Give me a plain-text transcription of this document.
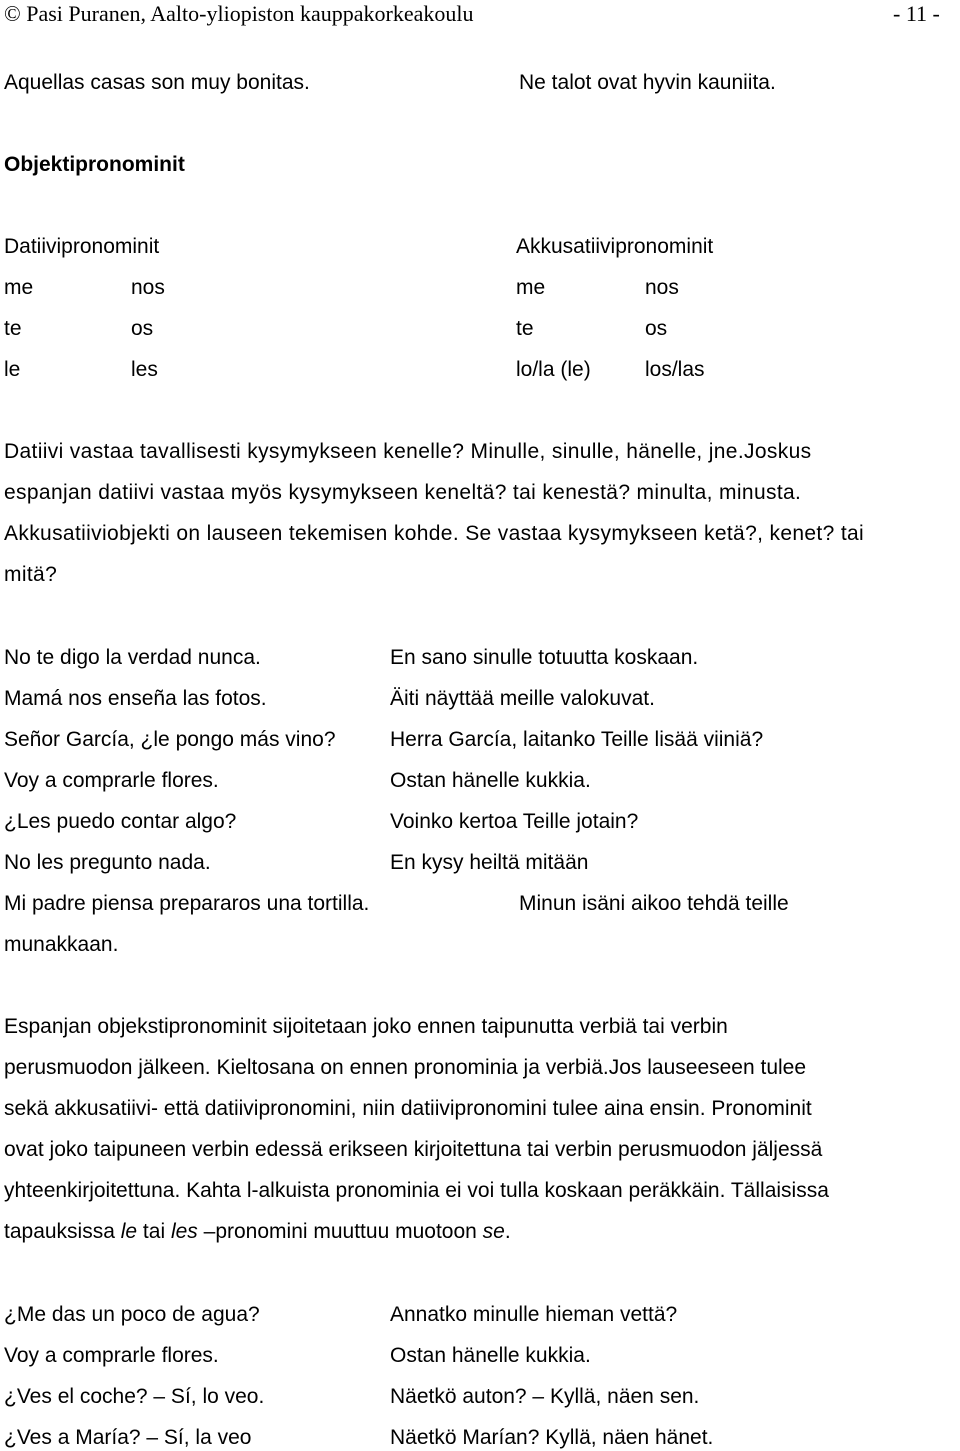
© Pasi Puranen, Aalto-yliopiston kauppakorkeakoulu	- 11 -
Aquellas casas son muy bonitas.	Ne talot ovat hyvin kauniita.
Objektipronominit
Datiivipronominit	Akkusatiivipronominit
me	nos	me	nos
te	os	te	os
le	les	lo/la (le)	los/las
Datiivi vastaa tavallisesti kysymykseen kenelle? Minulle, sinulle, hänelle, jne.Joskus
espanjan datiivi vastaa myös kysymykseen keneltä? tai kenestä? minulta, minusta.
Akkusatiiviobjekti on lauseen tekemisen kohde. Se vastaa kysymykseen ketä?, kenet? tai
mitä?
No te digo la verdad nunca.	En sano sinulle totuutta koskaan.
Mamá nos enseña las fotos.	Äiti näyttää meille valokuvat.
Señor García, ¿le pongo más vino?	Herra García, laitanko Teille lisää viiniä?
Voy a comprarle flores.	Ostan hänelle kukkia.
¿Les puedo contar algo?	Voinko kertoa Teille jotain?
No les pregunto nada.	En kysy heiltä mitään
Mi padre piensa prepararos una tortilla.	Minun isäni aikoo tehdä teille
munakkaan.
Espanjan objekstipronominit sijoitetaan joko ennen taipunutta verbiä tai verbin
perusmuodon jälkeen. Kieltosana on ennen pronominia ja verbiä.Jos lauseeseen tulee
sekä akkusatiivi- että datiivipronomini, niin datiivipronomini tulee aina ensin. Pronominit
ovat joko taipuneen verbin edessä erikseen kirjoitettuna tai verbin perusmuodon jäljessä
yhteenkirjoitettuna. Kahta l-alkuista pronominia ei voi tulla koskaan peräkkäin. Tällaisissa
tapauksissa le tai les –pronomini muuttuu muotoon se.
¿Me das un poco de agua?	Annatko minulle hieman vettä?
Voy a comprarle flores.	Ostan hänelle kukkia.
¿Ves el coche? – Sí, lo veo.	Näetkö auton? – Kyllä, näen sen.
¿Ves a María? – Sí, la veo	Näetkö Marían? Kyllä, näen hänet.
